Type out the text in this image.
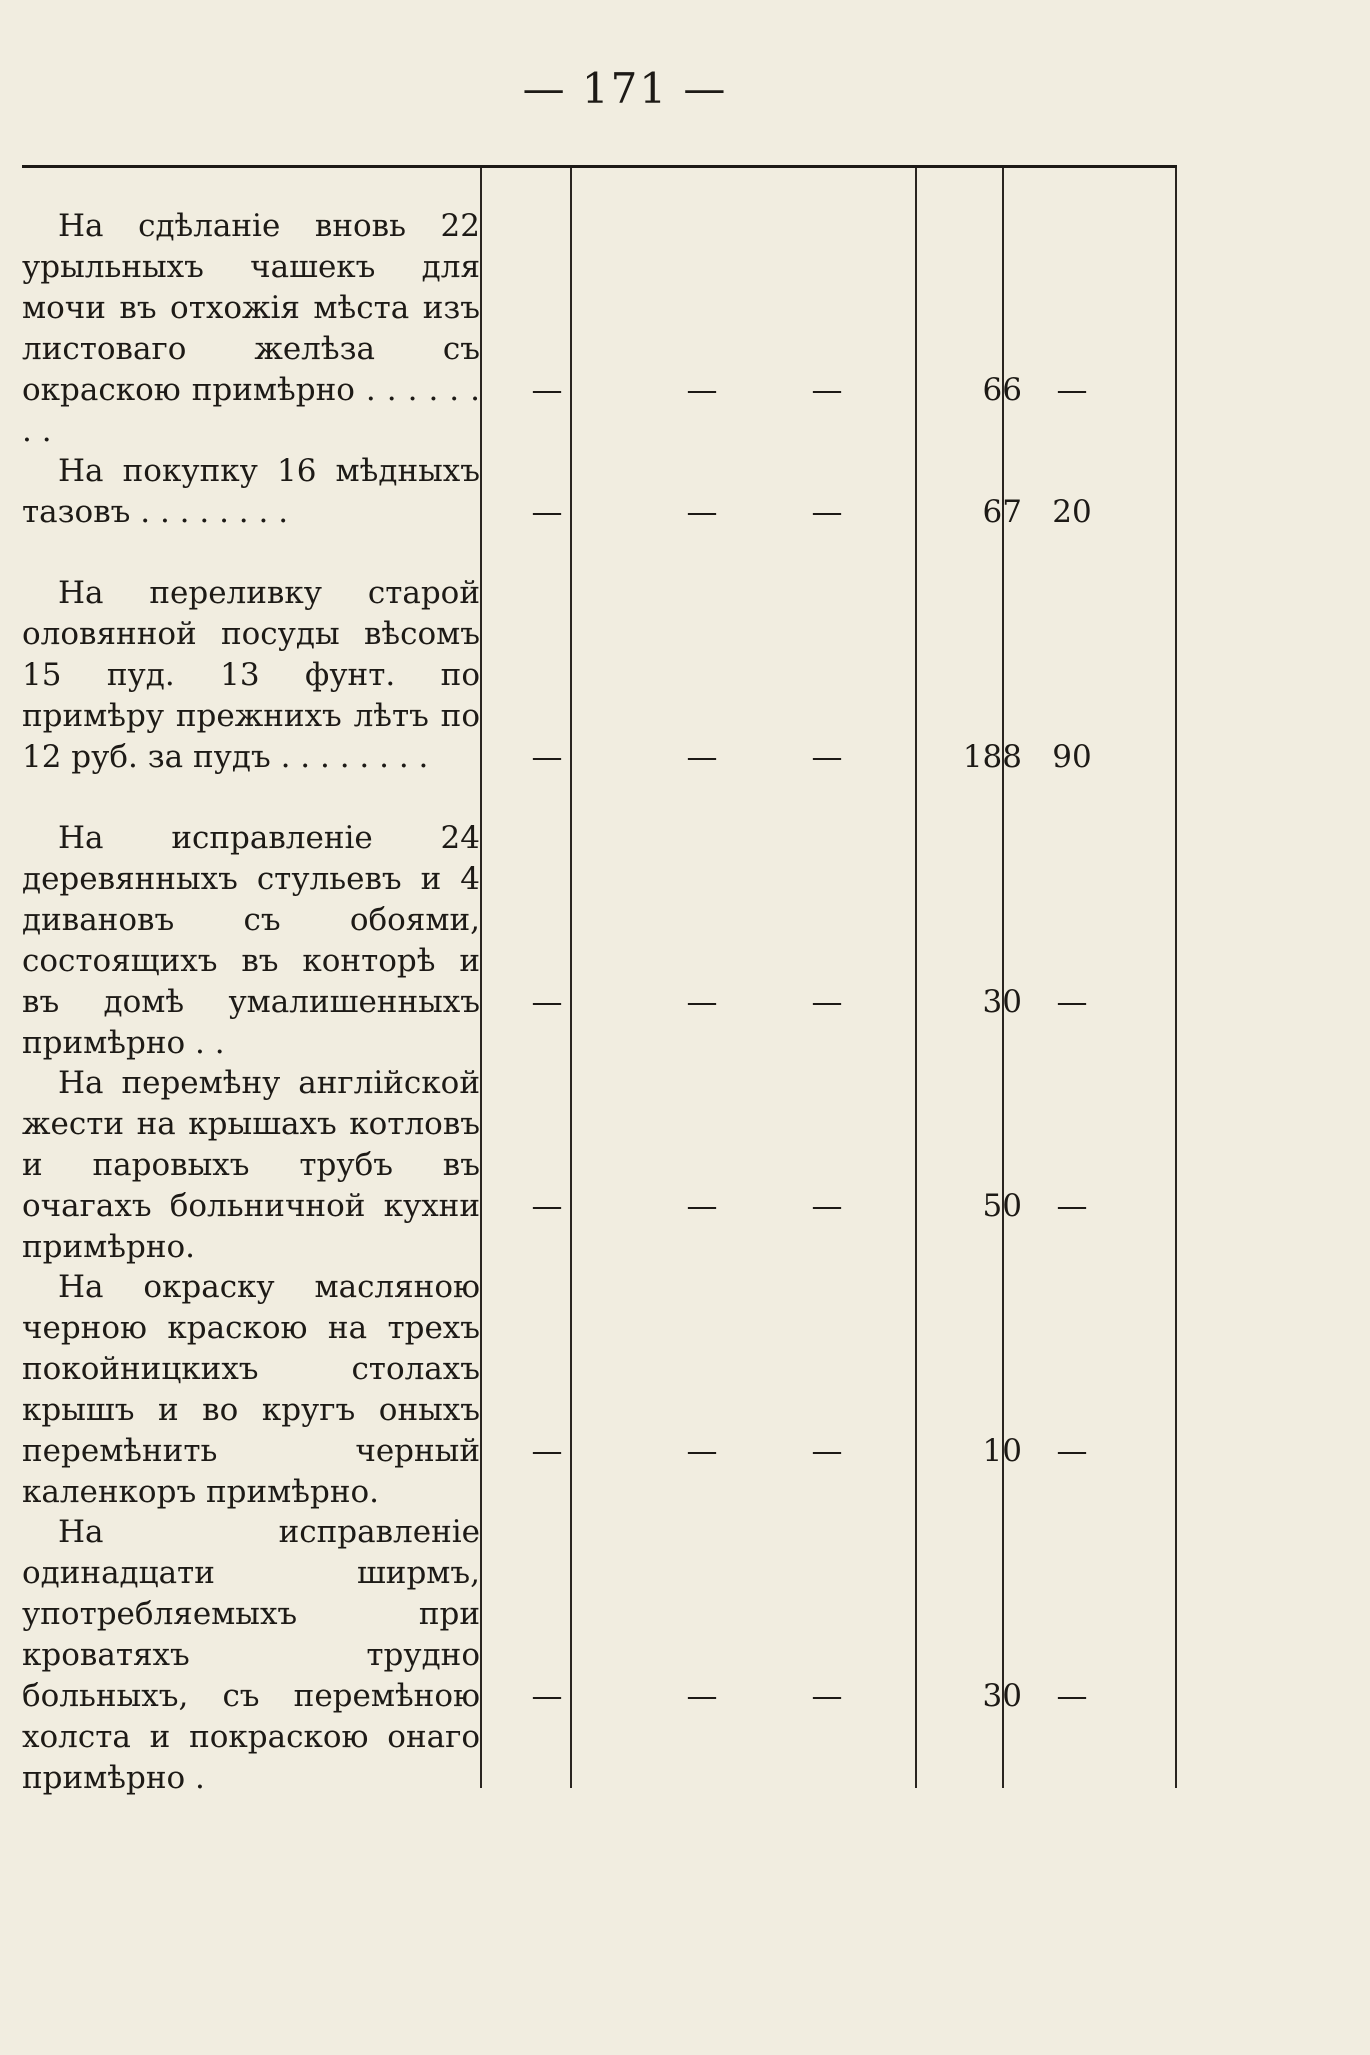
— 171 —

На сдѣланіе вновь 22 урыльныхъ чашекъ для мочи въ отхожія мѣста изъ листоваго желѣза съ окраскою примѣрно . . . . . . . .

—	—	—	66	—

На покупку 16 мѣдныхъ тазовъ . . . . . . . .	—	—	—	67 20

На переливку старой оловянной посуды вѣсомъ 15 пуд. 13 фунт. по примѣру прежнихъ лѣтъ по 12 руб. за пудъ . . . . . . . .	—	—	—	188 90

На исправленіе 24 деревянныхъ стульевъ и 4 дивановъ съ обоями, состоящихъ въ конторѣ и въ домѣ умалишенныхъ примѣрно . .

—	—	—	30	—

На перемѣну англійской жести на крышахъ котловъ и паровыхъ трубъ въ очагахъ больничной кухни примѣрно.

—	—	—	50	—

На окраску масляною черною краскою на трехъ покойницкихъ столахъ крышъ и во кругъ оныхъ перемѣнить черный каленкоръ примѣрно.

—	—	—	10	—

На исправленіе одинадцати ширмъ, употребляемыхъ при кроватяхъ трудно больныхъ, съ перемѣною холста и покраскою онаго примѣрно .

—	—	—	30	—
